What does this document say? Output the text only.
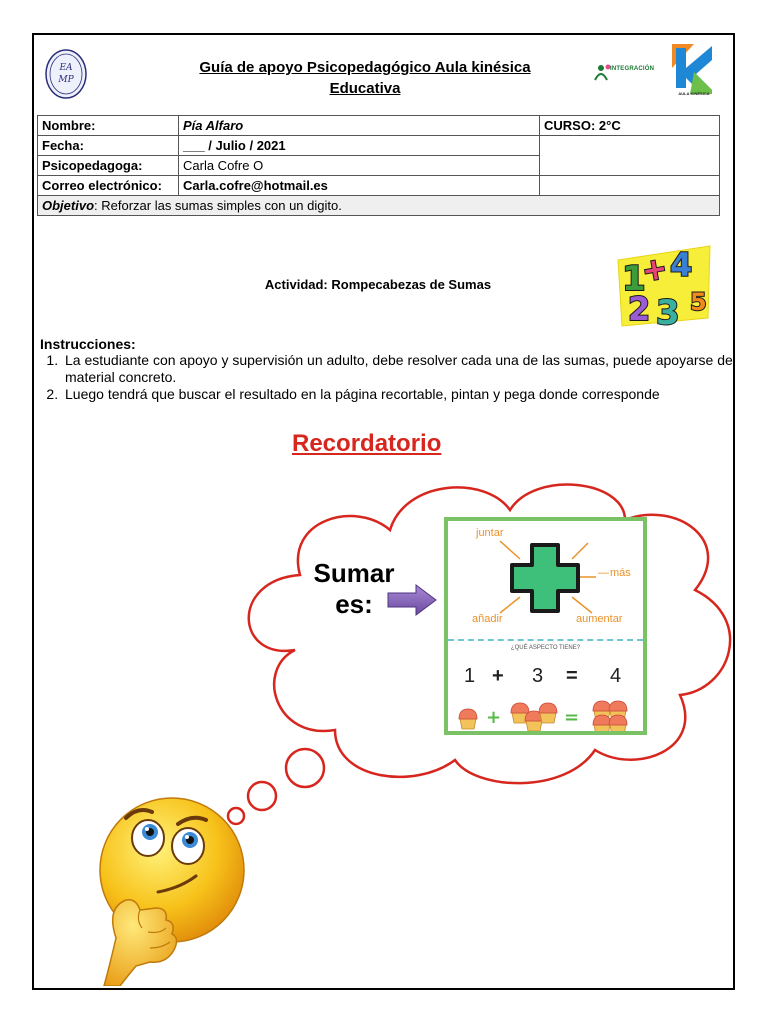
EA
MP
Guía de apoyo Psicopedagógico Aula kinésica Educativa
INTEGRACIÓN
AULA KINÉSICA
Nombre:	Pía Alfaro	CURSO: 2°C
Fecha:	___ / Julio / 2021	
Psicopedagoga:	Carla Cofre O	
Correo electrónico:	Carla.cofre@hotmail.es	
Objetivo: Reforzar las sumas simples con un digito.		
Actividad: Rompecabezas de Sumas	1
+ 4
2 3 5
Instrucciones:
1. La estudiante con apoyo y supervisión un adulto, debe resolver cada una de las sumas, puede apoyarse de material concreto.
2. Luego tendrá que buscar el resultado en la página recortable, pintan y pega donde corresponde
Recordatorio
Sumar
es:
juntar
— más
añadir	aumentar
¿QUÉ ASPECTO TIENE?
1 + 3 = 4
+	=
